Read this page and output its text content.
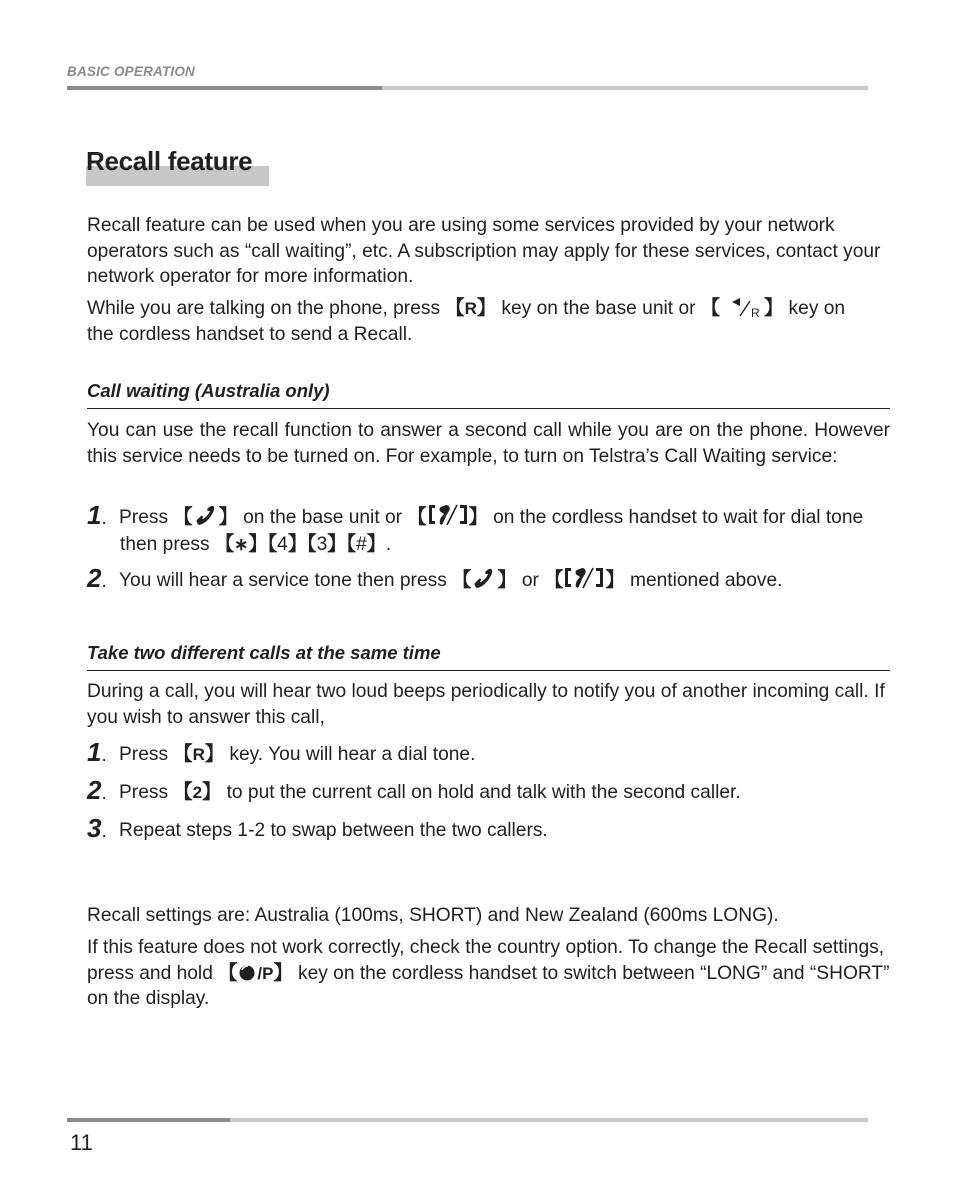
BASIC OPERATION
Recall feature
Recall feature can be used when you are using some services provided by your network operators such as “call waiting”, etc. A subscription may apply for these services, contact your network operator for more information.
While you are talking on the phone, press 【R】 key on the base unit or 【	R 】 key on
the cordless handset to send a Recall.
Call waiting (Australia only)
You can use the recall function to answer a second call while you are on the phone. However this service needs to be turned on. For example, to turn on Telstra’s Call Waiting service:
1. Press 【 】 on the base unit or 【 】 on the cordless handset to wait for dial tone
then press 【∗】【4】【3】【#】.
2. You will hear a service tone then press 【 】 or 【 】 mentioned above.
Take two different calls at the same time
During a call, you will hear two loud beeps periodically to notify you of another incoming call. If you wish to answer this call,
1. Press 【R】 key. You will hear a dial tone.
2. Press 【2】 to put the current call on hold and talk with the second caller.
3. Repeat steps 1-2 to swap between the two callers.
Recall settings are: Australia (100ms, SHORT) and New Zealand (600ms LONG).
If this feature does not work correctly, check the country option. To change the Recall settings, press and hold 【 /P】 key on the cordless handset to switch between “LONG” and “SHORT” on the display.
11
